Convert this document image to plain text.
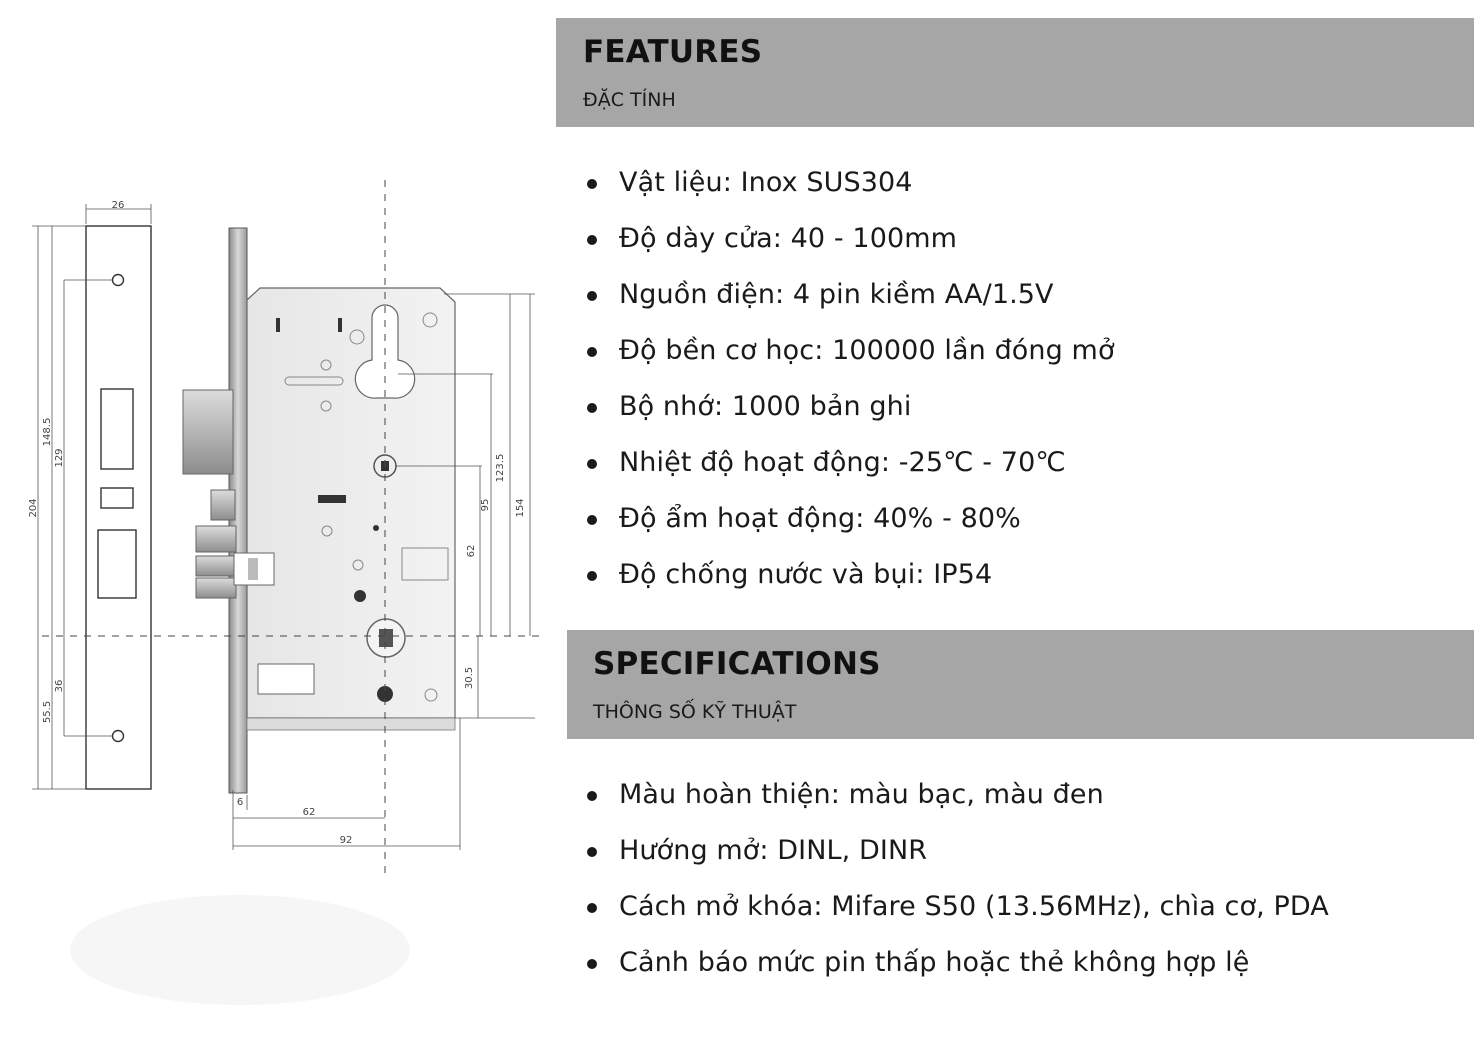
26
204
148.5
129
55.5
36
123.5
154
95
62
30.5
6
62
92
FEATURES

ĐẶC TÍNH

Vật liệu: Inox SUS304
Độ dày cửa: 40 - 100mm
Nguồn điện: 4 pin kiềm AA/1.5V
Độ bền cơ học: 100000 lần đóng mở
Bộ nhớ: 1000 bản ghi
Nhiệt độ hoạt động: -25℃ - 70℃
Độ ẩm hoạt động: 40% - 80%
Độ chống nước và bụi: IP54
SPECIFICATIONS

THÔNG SỐ KỸ THUẬT

Màu hoàn thiện: màu bạc, màu đen
Hướng mở: DINL, DINR
Cách mở khóa: Mifare S50 (13.56MHz), chìa cơ, PDA
Cảnh báo mức pin thấp hoặc thẻ không hợp lệ
